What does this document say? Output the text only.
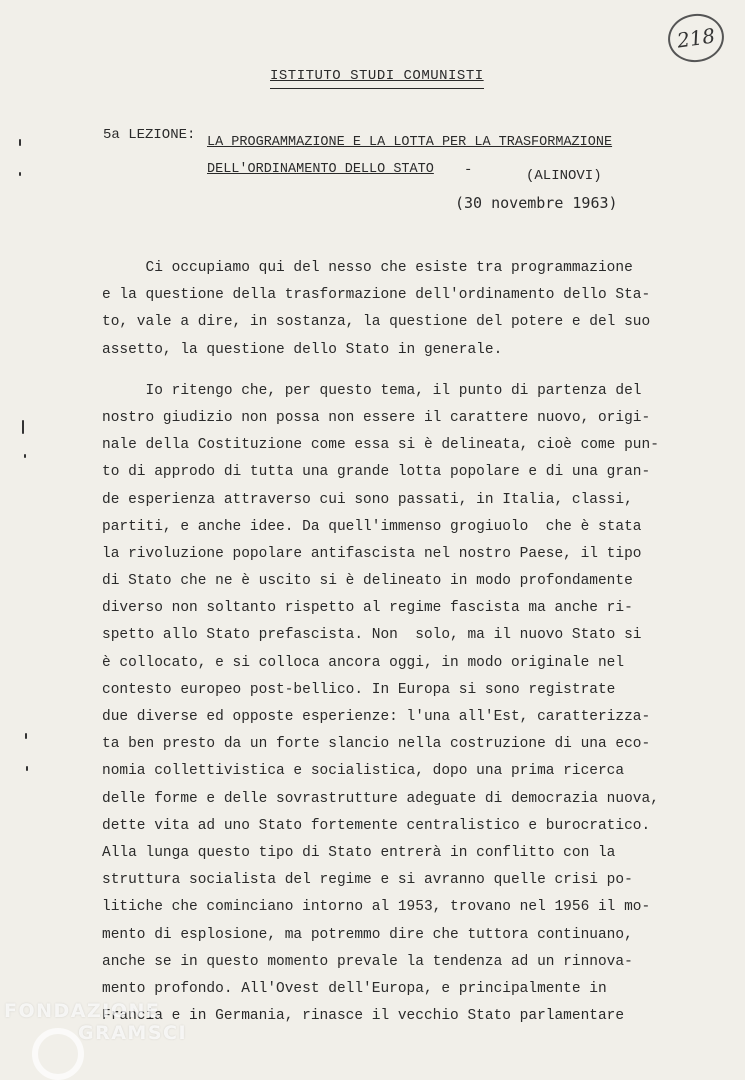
218
ISTITUTO STUDI COMUNISTI
5a LEZIONE: LA PROGRAMMAZIONE E LA LOTTA PER LA TRASFORMAZIONE
DELL'ORDINAMENTO DELLO STATO -	(ALINOVI)
(30 novembre 1963)
Ci occupiamo qui del nesso che esiste tra programmazione
e la questione della trasformazione dell'ordinamento dello Sta-
to, vale a dire, in sostanza, la questione del potere e del suo
assetto, la questione dello Stato in generale.
Io ritengo che, per questo tema, il punto di partenza del
nostro giudizio non possa non essere il carattere nuovo, origi-
nale della Costituzione come essa si è delineata, cioè come pun-
to di approdo di tutta una grande lotta popolare e di una gran-
de esperienza attraverso cui sono passati, in Italia, classi,
partiti, e anche idee. Da quell'immenso grogiuolo  che è stata
la rivoluzione popolare antifascista nel nostro Paese, il tipo
di Stato che ne è uscito si è delineato in modo profondamente
diverso non soltanto rispetto al regime fascista ma anche ri-
spetto allo Stato prefascista. Non  solo, ma il nuovo Stato si
è collocato, e si colloca ancora oggi, in modo originale nel
contesto europeo post-bellico. In Europa si sono registrate
due diverse ed opposte esperienze: l'una all'Est, caratterizza-
ta ben presto da un forte slancio nella costruzione di una eco-
nomia collettivistica e socialistica, dopo una prima ricerca
delle forme e delle sovrastrutture adeguate di democrazia nuova,
dette vita ad uno Stato fortemente centralistico e burocratico.
Alla lunga questo tipo di Stato entrerà in conflitto con la
struttura socialista del regime e si avranno quelle crisi po-
litiche che cominciano intorno al 1953, trovano nel 1956 il mo-
mento di esplosione, ma potremmo dire che tuttora continuano,
anche se in questo momento prevale la tendenza ad un rinnova-
mento profondo. All'Ovest dell'Europa, e principalmente in
Francia e in Germania, rinasce il vecchio Stato parlamentare
FONDAZIONE
GRAMSCI
